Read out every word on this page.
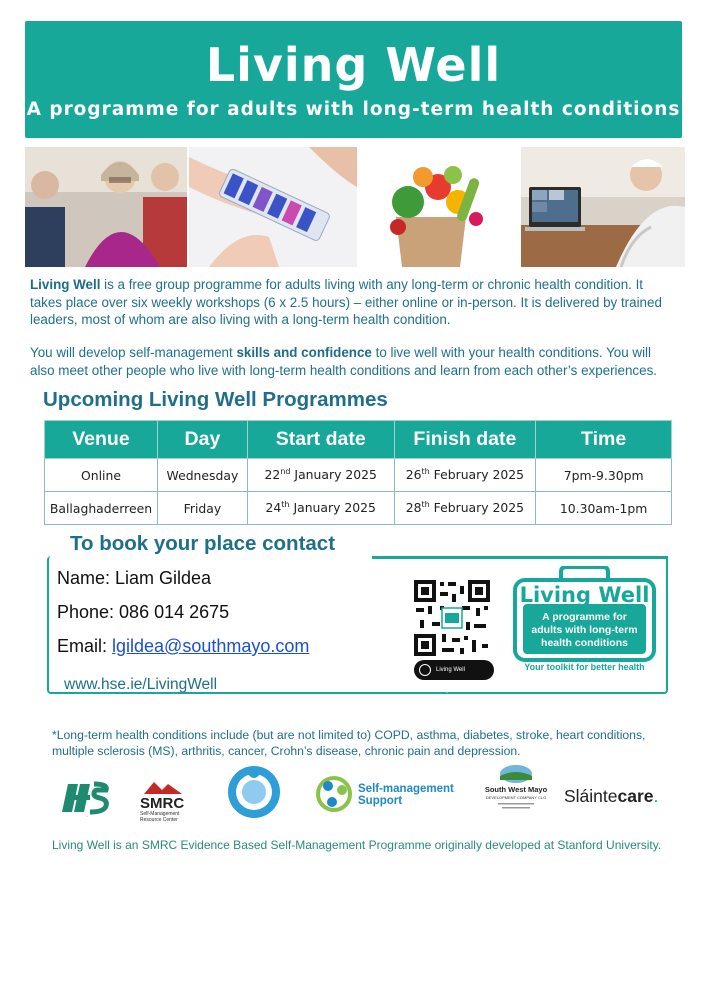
Living Well
A programme for adults with long-term health conditions
Living Well is a free group programme for adults living with any long-term or chronic health condition. It takes place over six weekly workshops (6 x 2.5 hours) – either online or in-person. It is delivered by trained leaders, most of whom are also living with a long-term health condition.
You will develop self-management skills and confidence to live well with your health conditions. You will also meet other people who live with long-term health conditions and learn from each other’s experiences.
Upcoming Living Well Programmes
Venue	Day	Start date	Finish date	Time
Online	Wednesday	22nd January 2025	26th February 2025	7pm-9.30pm
Ballaghaderreen	Friday	24th January 2025	28th February 2025	10.30am-1pm
To book your place contact
Name: Liam Gildea
Phone: 086 014 2675
Email: lgildea@southmayo.com
www.hse.ie/LivingWell
Living Well Programme
Living Well
A programme for
adults with long-term
health conditions
Your toolkit for better health
*Long-term health conditions include (but are not limited to) COPD, asthma, diabetes, stroke, heart conditions, multiple sclerosis (MS), arthritis, cancer, Crohn’s disease, chronic pain and depression.
HSE
SMRC
Self-Management
Resource Center
Self-management
Support
South West Mayo
DEVELOPMENT COMPANY CLG Sláintecare.
Living Well is an SMRC Evidence Based Self-Management Programme originally developed at Stanford University.
